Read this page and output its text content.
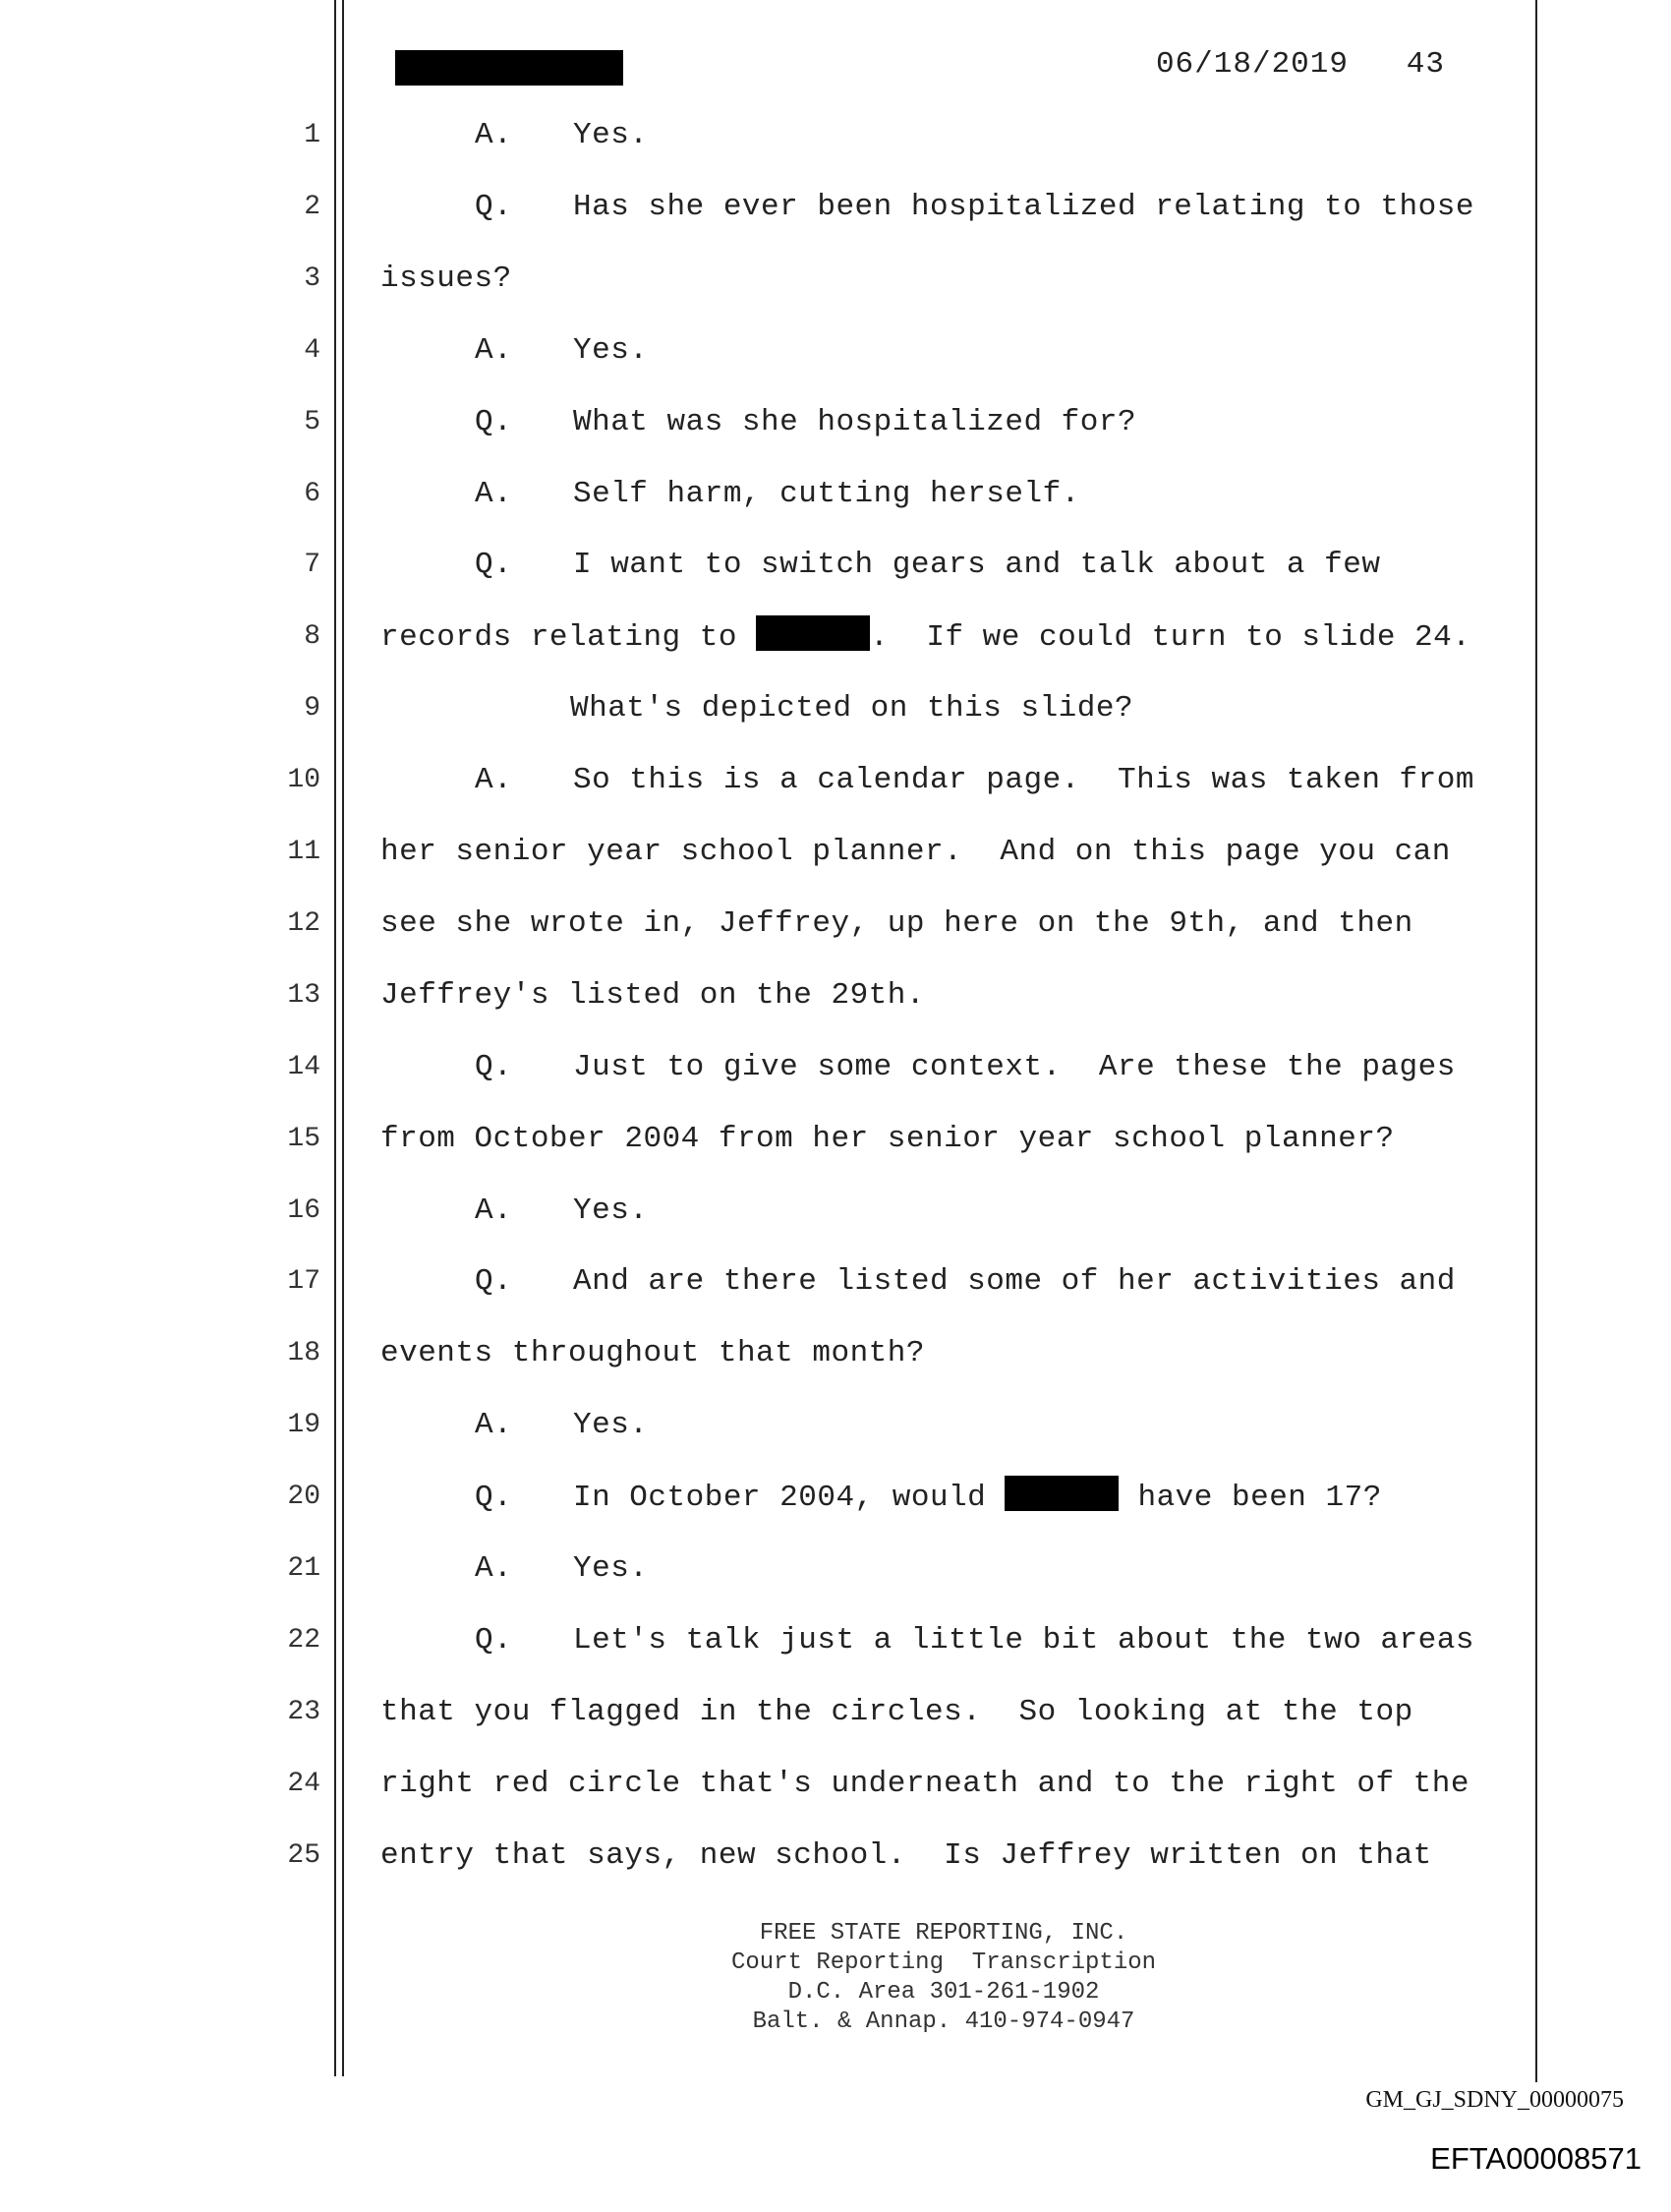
06/18/2019   43
1
2
3
4
5
6
7
8
9
10
11
12
13
14
15
16
17
18
19
20
21
22
23
24
25
A. Yes.
Q. Has she ever been hospitalized relating to those
issues?
A. Yes.
Q. What was she hospitalized for?
A. Self harm, cutting herself.
Q. I want to switch gears and talk about a few
records relating to	.  If we could turn to slide 24.
What's depicted on this slide?
A. So this is a calendar page.  This was taken from
her senior year school planner.  And on this page you can
see she wrote in, Jeffrey, up here on the 9th, and then
Jeffrey's listed on the 29th.
Q. Just to give some context.  Are these the pages
from October 2004 from her senior year school planner?
A. Yes.
Q. And are there listed some of her activities and
events throughout that month?
A. Yes.
Q. In October 2004, would	have been 17?
A. Yes.
Q. Let's talk just a little bit about the two areas
that you flagged in the circles.  So looking at the top
right red circle that's underneath and to the right of the
entry that says, new school.  Is Jeffrey written on that
FREE STATE REPORTING, INC.
Court Reporting  Transcription
D.C. Area 301-261-1902
Balt. & Annap. 410-974-0947
GM_GJ_SDNY_00000075
EFTA00008571
